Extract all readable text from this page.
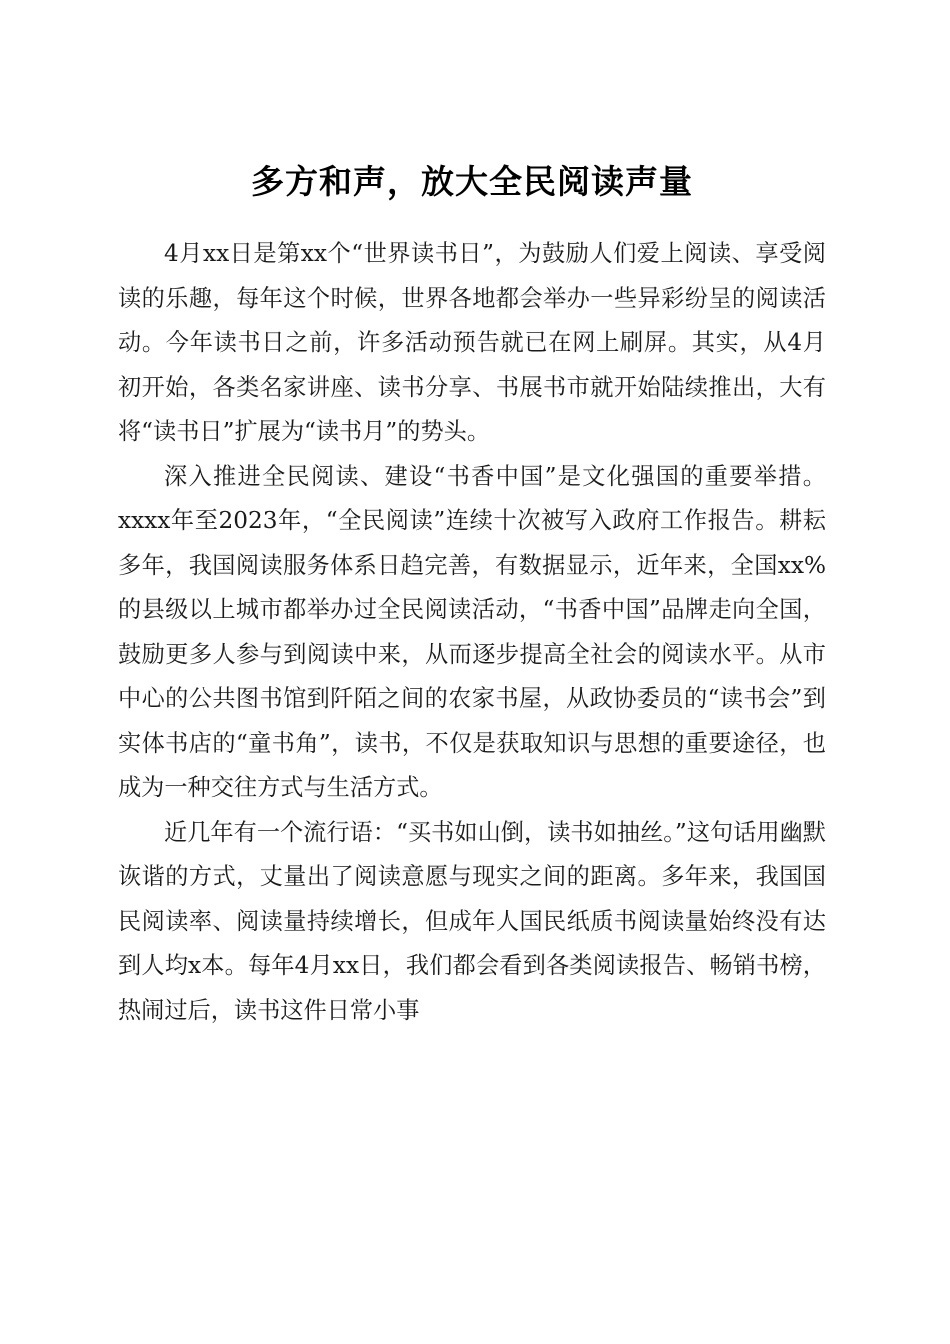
多方和声，放大全民阅读声量

4月xx日是第xx个“世界读书日”，为鼓励人们爱上阅读、享受阅读的乐趣，每年这个时候，世界各地都会举办一些异彩纷呈的阅读活动。今年读书日之前，许多活动预告就已在网上刷屏。其实，从4月初开始，各类名家讲座、读书分享、书展书市就开始陆续推出，大有将“读书日”扩展为“读书月”的势头。

深入推进全民阅读、建设“书香中国”是文化强国的重要举措。xxxx年至2023年，“全民阅读”连续十次被写入政府工作报告。耕耘多年，我国阅读服务体系日趋完善，有数据显示，近年来，全国xx%的县级以上城市都举办过全民阅读活动，“书香中国”品牌走向全国，鼓励更多人参与到阅读中来，从而逐步提高全社会的阅读水平。从市中心的公共图书馆到阡陌之间的农家书屋，从政协委员的“读书会”到实体书店的“童书角”，读书，不仅是获取知识与思想的重要途径，也成为一种交往方式与生活方式。

近几年有一个流行语：“买书如山倒，读书如抽丝。”这句话用幽默诙谐的方式，丈量出了阅读意愿与现实之间的距离。多年来，我国国民阅读率、阅读量持续增长，但成年人国民纸质书阅读量始终没有达到人均x本。每年4月xx日，我们都会看到各类阅读报告、畅销书榜，热闹过后，读书这件日常小事
